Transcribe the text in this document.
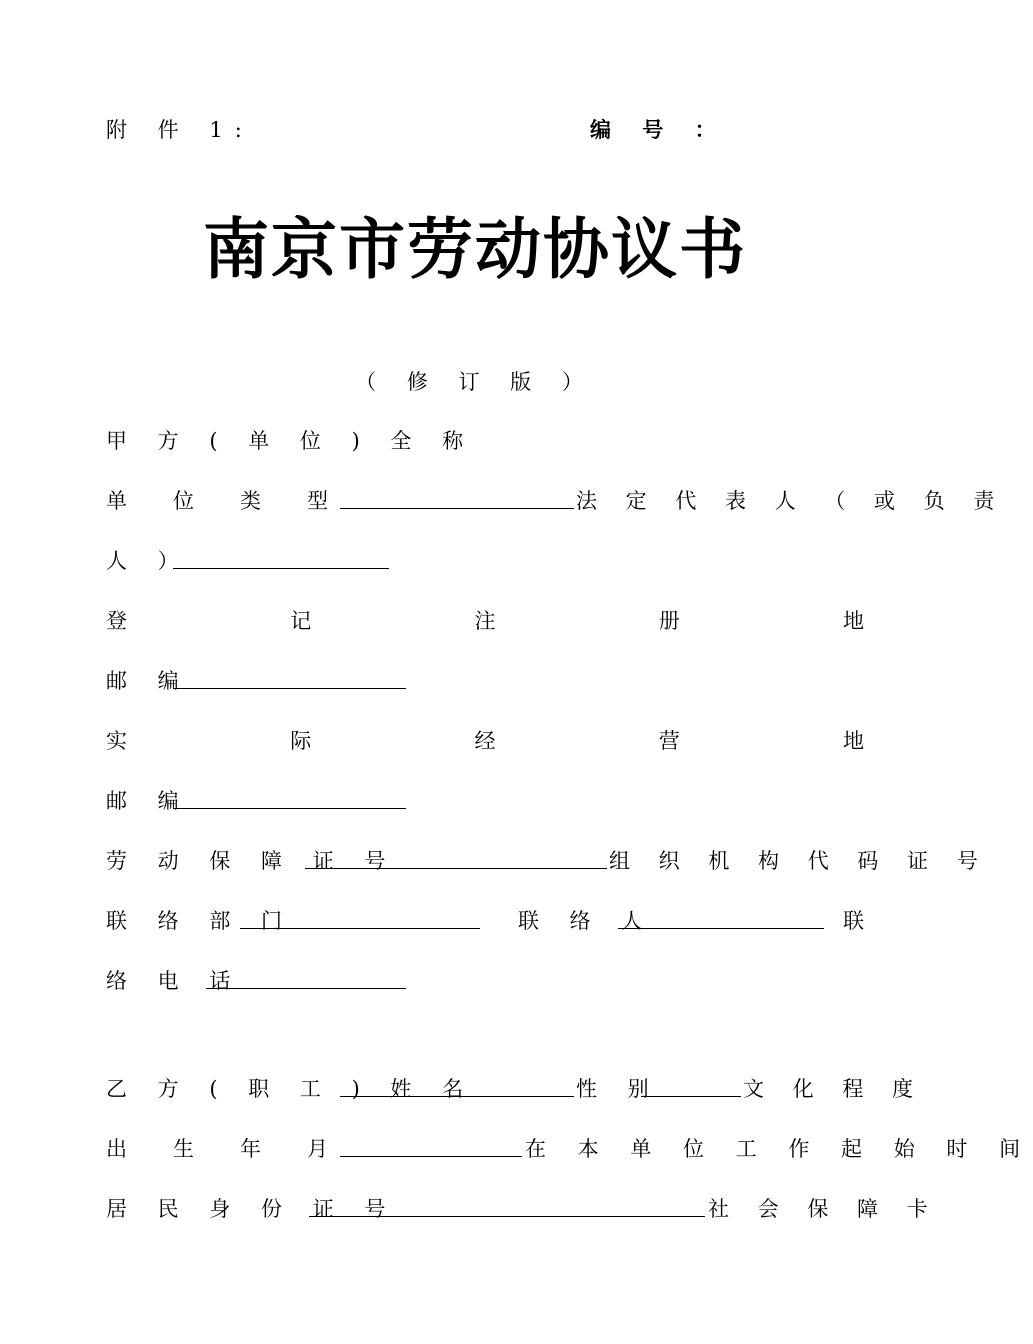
附 件 1:	编 号 ：
南京市劳动协议书
（ 修 订 版 ）
甲 方 ( 单 位 ) 全 称
单 位 类 型	法 定 代 表 人 （ 或 负 责
人 ）
登	记	注	册	地
邮 编
实	际	经	营	地
邮 编
劳 动 保 障 证 号	组 织 机 构 代 码 证 号
联 络 部 门	联 络 人	联
络 电 话
乙 方 ( 职 工 ) 姓 名	性 别	文 化 程 度
出 生 年 月	在 本 单 位 工 作 起 始 时 间
居 民 身 份 证 号	社 会 保 障 卡
